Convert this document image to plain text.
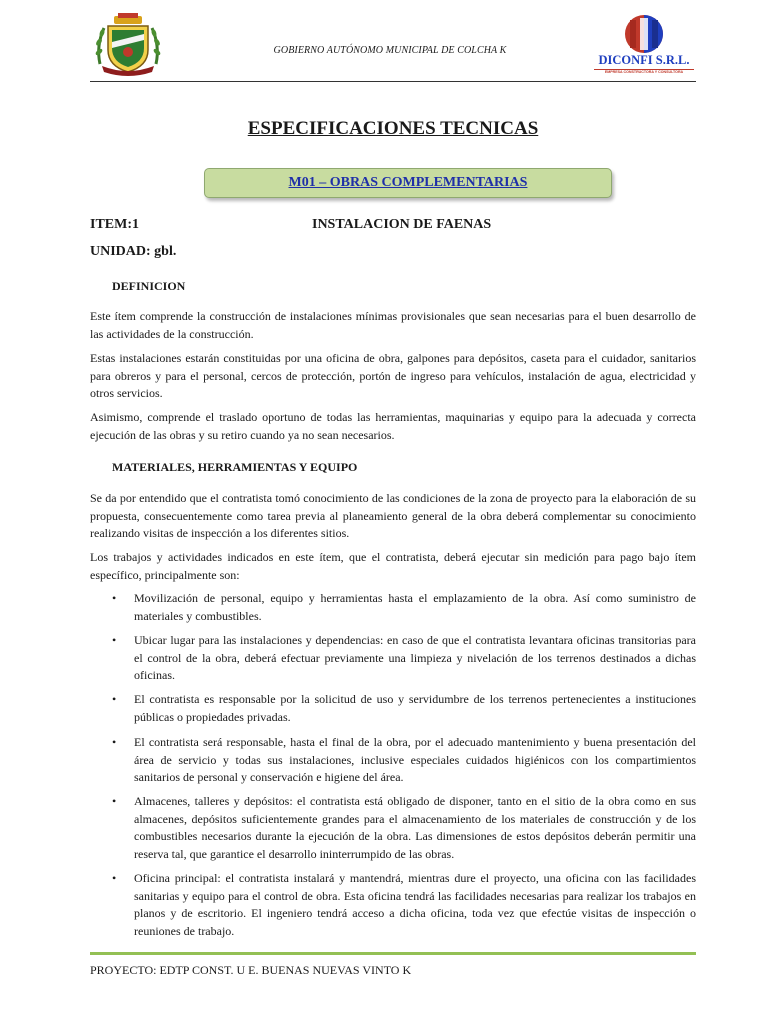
GOBIERNO AUTÓNOMO MUNICIPAL DE COLCHA K
DICONFI S.R.L.
EMPRESA CONSTRUCTORA Y CONSULTORA
ESPECIFICACIONES TECNICAS
M01 – OBRAS COMPLEMENTARIAS
ITEM:1	INSTALACION DE FAENAS
UNIDAD: gbl.
DEFINICION

Este ítem comprende la construcción de instalaciones mínimas provisionales que sean necesarias para el buen desarrollo de las actividades de la construcción.

Estas instalaciones estarán constituidas por una oficina de obra, galpones para depósitos, caseta para el cuidador, sanitarios para obreros y para el personal, cercos de protección, portón de ingreso para vehículos, instalación de agua, electricidad y otros servicios.

Asimismo, comprende el traslado oportuno de todas las herramientas, maquinarias y equipo para la adecuada y correcta ejecución de las obras y su retiro cuando ya no sean necesarios.

MATERIALES, HERRAMIENTAS Y EQUIPO

Se da por entendido que el contratista tomó conocimiento de las condiciones de la zona de proyecto para la elaboración de su propuesta, consecuentemente como tarea previa al planeamiento general de la obra deberá complementar su conocimiento realizando visitas de inspección a los diferentes sitios.

Los trabajos y actividades indicados en este ítem, que el contratista, deberá ejecutar sin medición para pago bajo ítem específico, principalmente son:

• Movilización de personal, equipo y herramientas hasta el emplazamiento de la obra. Así como suministro de materiales y combustibles.

• Ubicar lugar para las instalaciones y dependencias: en caso de que el contratista levantara oficinas transitorias para el control de la obra, deberá efectuar previamente una limpieza y nivelación de los terrenos destinados a dichas oficinas.

• El contratista es responsable por la solicitud de uso y servidumbre de los terrenos pertenecientes a instituciones públicas o propiedades privadas.

• El contratista será responsable, hasta el final de la obra, por el adecuado mantenimiento y buena presentación del área de servicio y todas sus instalaciones, inclusive especiales cuidados higiénicos con los compartimientos sanitarios de personal y conservación e higiene del área.

• Almacenes, talleres y depósitos: el contratista está obligado de disponer, tanto en el sitio de la obra como en sus almacenes, depósitos suficientemente grandes para el almacenamiento de los materiales de construcción y de los combustibles necesarios durante la ejecución de la obra. Las dimensiones de estos depósitos deberán permitir una reserva tal, que garantice el desarrollo ininterrumpido de las obras.

• Oficina principal: el contratista instalará y mantendrá, mientras dure el proyecto, una oficina con las facilidades sanitarias y equipo para el control de obra. Esta oficina tendrá las facilidades necesarias para realizar los trabajos en planos y de escritorio. El ingeniero tendrá acceso a dicha oficina, toda vez que efectúe visitas de inspección o reuniones de trabajo.

PROYECTO: EDTP CONST. U E. BUENAS NUEVAS VINTO K
